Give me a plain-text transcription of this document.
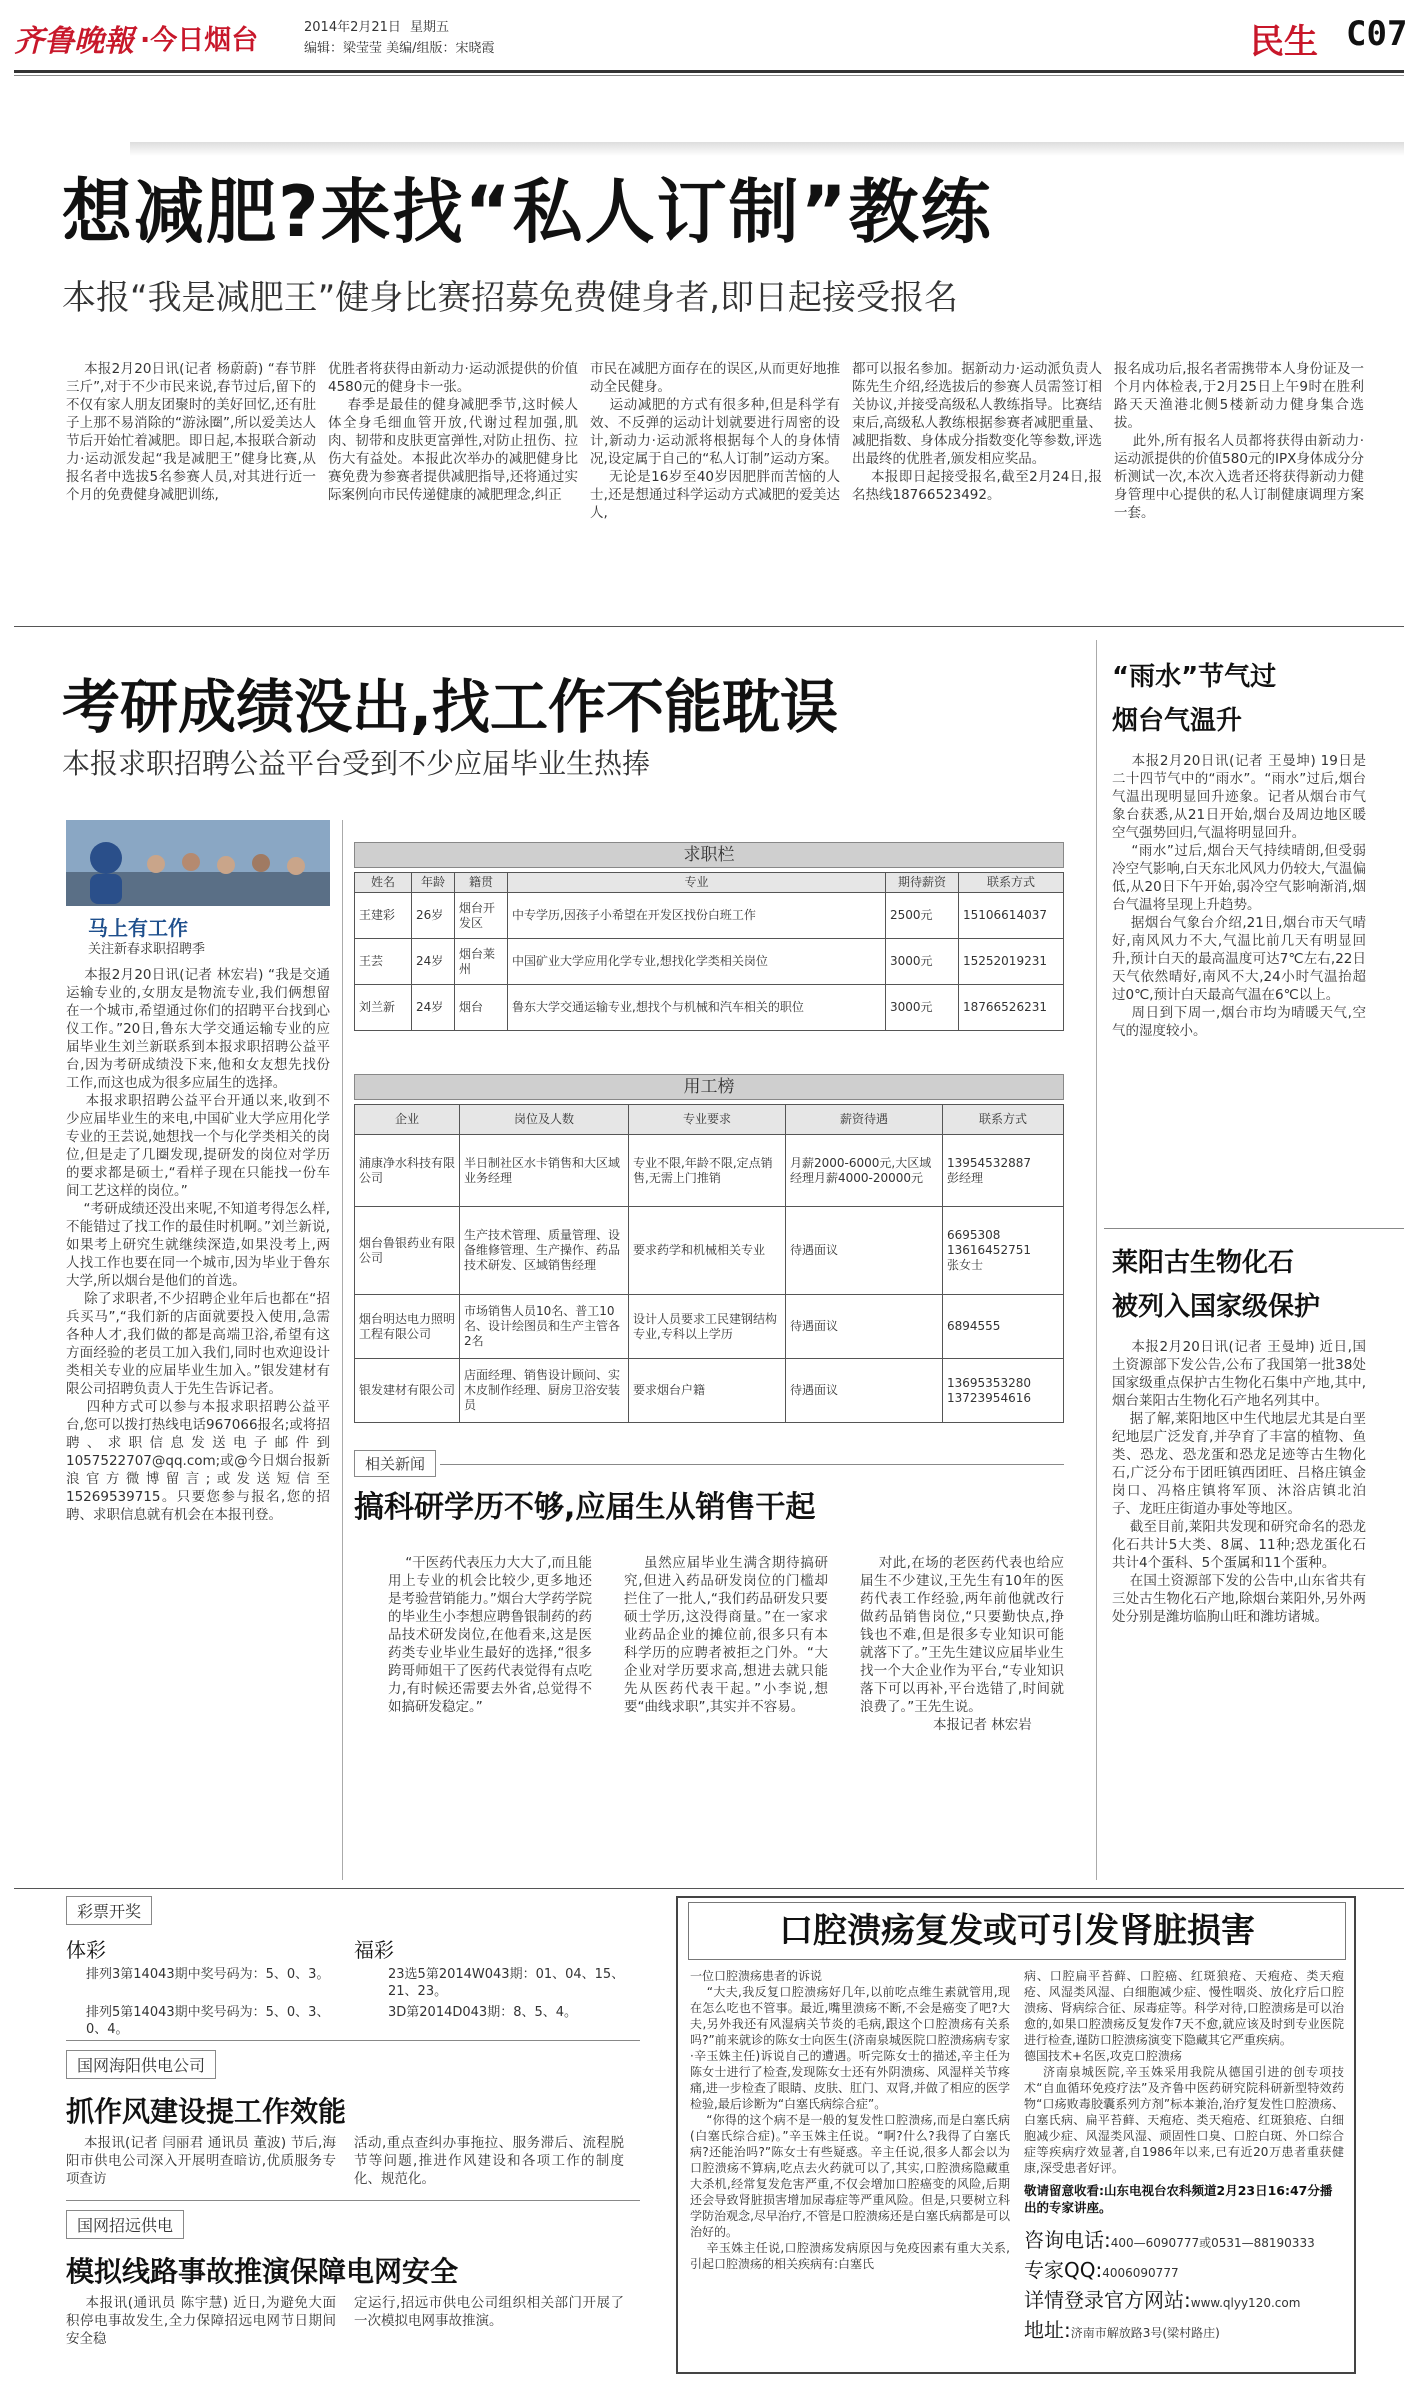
齐鲁晚報 ·今日烟台	2014年2月21日 星期五
编辑：梁莹莹 美编/组版：宋晓霞	民生 C07
想减肥?来找“私人订制”教练
本报“我是减肥王”健身比赛招募免费健身者,即日起接受报名
本报2月20日讯(记者 杨蔚蔚) “春节胖三斤”,对于不少市民来说,春节过后,留下的不仅有家人朋友团聚时的美好回忆,还有肚子上那不易消除的“游泳圈”,所以爱美达人节后开始忙着减肥。即日起,本报联合新动力·运动派发起“我是减肥王”健身比赛,从报名者中选拔5名参赛人员,对其进行近一个月的免费健身减肥训练,
优胜者将获得由新动力·运动派提供的价值4580元的健身卡一张。
春季是最佳的健身减肥季节,这时候人体全身毛细血管开放,代谢过程加强,肌肉、韧带和皮肤更富弹性,对防止扭伤、拉伤大有益处。本报此次举办的减肥健身比赛免费为参赛者提供减肥指导,还将通过实际案例向市民传递健康的减肥理念,纠正
市民在减肥方面存在的误区,从而更好地推动全民健身。
运动减肥的方式有很多种,但是科学有效、不反弹的运动计划就要进行周密的设计,新动力·运动派将根据每个人的身体情况,设定属于自己的“私人订制”运动方案。
无论是16岁至40岁因肥胖而苦恼的人士,还是想通过科学运动方式减肥的爱美达人,
都可以报名参加。据新动力·运动派负责人陈先生介绍,经选拔后的参赛人员需签订相关协议,并接受高级私人教练指导。比赛结束后,高级私人教练根据参赛者减肥重量、减肥指数、身体成分指数变化等参数,评选出最终的优胜者,颁发相应奖品。
本报即日起接受报名,截至2月24日,报名热线18766523492。
报名成功后,报名者需携带本人身份证及一个月内体检表,于2月25日上午9时在胜利路天天渔港北侧5楼新动力健身集合选拔。
此外,所有报名人员都将获得由新动力·运动派提供的价值580元的IPX身体成分分析测试一次,本次入选者还将获得新动力健身管理中心提供的私人订制健康调理方案一套。
考研成绩没出,找工作不能耽误
本报求职招聘公益平台受到不少应届毕业生热捧
马上有工作
关注新春求职招聘季
本报2月20日讯(记者 林宏岩) “我是交通运输专业的,女朋友是物流专业,我们俩想留在一个城市,希望通过你们的招聘平台找到心仪工作。”20日,鲁东大学交通运输专业的应届毕业生刘兰新联系到本报求职招聘公益平台,因为考研成绩没下来,他和女友想先找份工作,而这也成为很多应届生的选择。
本报求职招聘公益平台开通以来,收到不少应届毕业生的来电,中国矿业大学应用化学专业的王芸说,她想找一个与化学类相关的岗位,但是走了几圈发现,提研发的岗位对学历的要求都是硕士,“看样子现在只能找一份车间工艺这样的岗位。”
“考研成绩还没出来呢,不知道考得怎么样,不能错过了找工作的最佳时机啊。”刘兰新说,如果考上研究生就继续深造,如果没考上,两人找工作也要在同一个城市,因为毕业于鲁东大学,所以烟台是他们的首选。
除了求职者,不少招聘企业年后也都在“招兵买马”,“我们新的店面就要投入使用,急需各种人才,我们做的都是高端卫浴,希望有这方面经验的老员工加入我们,同时也欢迎设计类相关专业的应届毕业生加入。”银发建材有限公司招聘负责人于先生告诉记者。
四种方式可以参与本报求职招聘公益平台,您可以拨打热线电话967066报名;或将招聘、求职信息发送电子邮件到1057522707@qq.com;或@今日烟台报新浪官方微博留言;或发送短信至15269539715。只要您参与报名,您的招聘、求职信息就有机会在本报刊登。
求职栏
姓名	年龄	籍贯	专业	期待薪资	联系方式
王建彩	26岁	烟台开发区	中专学历,因孩子小希望在开发区找份白班工作	2500元	15106614037
王芸	24岁	烟台莱州	中国矿业大学应用化学专业,想找化学类相关岗位	3000元	15252019231
刘兰新	24岁	烟台	鲁东大学交通运输专业,想找个与机械和汽车相关的职位	3000元	18766526231
用工榜
企业	岗位及人数	专业要求	薪资待遇	联系方式
浦康净水科技有限公司	半日制社区水卡销售和大区域业务经理	专业不限,年龄不限,定点销售,无需上门推销	月薪2000-6000元,大区域经理月薪4000-20000元	13954532887
彭经理
烟台鲁银药业有限公司	生产技术管理、质量管理、设备维修管理、生产操作、药品技术研发、区域销售经理	要求药学和机械相关专业	待遇面议	6695308
13616452751
张女士
烟台明达电力照明工程有限公司	市场销售人员10名、普工10名、设计绘图员和生产主管各2名	设计人员要求工民建钢结构专业,专科以上学历	待遇面议	6894555
银发建材有限公司	店面经理、销售设计顾问、实木皮制作经理、厨房卫浴安装员	要求烟台户籍	待遇面议	13695353280
13723954616
相关新闻
搞科研学历不够,应届生从销售干起
“干医药代表压力大大了,而且能用上专业的机会比较少,更多地还是考验营销能力。”烟台大学药学院的毕业生小李想应聘鲁银制药的药品技术研发岗位,在他看来,这是医药类专业毕业生最好的选择,“很多跨哥师姐干了医药代表觉得有点吃力,有时候还需要去外省,总觉得不如搞研发稳定。”
虽然应届毕业生满含期待搞研究,但进入药品研发岗位的门槛却拦住了一批人,“我们药品研发只要硕士学历,这没得商量。”在一家求业药品企业的摊位前,很多只有本科学历的应聘者被拒之门外。“大企业对学历要求高,想进去就只能先从医药代表干起。”小李说,想要“曲线求职”,其实并不容易。
对此,在场的老医药代表也给应届生不少建议,王先生有10年的医药代表工作经验,两年前他就改行做药品销售岗位,“只要勤快点,挣钱也不难,但是很多专业知识可能就落下了。”王先生建议应届毕业生找一个大企业作为平台,“专业知识落下可以再补,平台选错了,时间就浪费了。”王先生说。
本报记者 林宏岩
“雨水”节气过
烟台气温升
本报2月20日讯(记者 王曼坤) 19日是二十四节气中的“雨水”。“雨水”过后,烟台气温出现明显回升迹象。记者从烟台市气象台获悉,从21日开始,烟台及周边地区暖空气强势回归,气温将明显回升。
“雨水”过后,烟台天气持续晴朗,但受弱冷空气影响,白天东北风风力仍较大,气温偏低,从20日下午开始,弱冷空气影响渐消,烟台气温将呈现上升趋势。
据烟台气象台介绍,21日,烟台市天气晴好,南风风力不大,气温比前几天有明显回升,预计白天的最高温度可达7℃左右,22日天气依然晴好,南风不大,24小时气温抬超过0℃,预计白天最高气温在6℃以上。
周日到下周一,烟台市均为晴暖天气,空气的湿度较小。
莱阳古生物化石
被列入国家级保护
本报2月20日讯(记者 王曼坤) 近日,国土资源部下发公告,公布了我国第一批38处国家级重点保护古生物化石集中产地,其中,烟台莱阳古生物化石产地名列其中。
据了解,莱阳地区中生代地层尤其是白垩纪地层广泛发育,并孕育了丰富的植物、鱼类、恐龙、恐龙蛋和恐龙足迹等古生物化石,广泛分布于团旺镇西团旺、吕格庄镇金岗口、冯格庄镇将军顶、沐浴店镇北泊子、龙旺庄街道办事处等地区。
截至目前,莱阳共发现和研究命名的恐龙化石共计5大类、8属、11种;恐龙蛋化石共计4个蛋科、5个蛋属和11个蛋种。
在国土资源部下发的公告中,山东省共有三处古生物化石产地,除烟台莱阳外,另外两处分别是潍坊临朐山旺和潍坊诸城。
彩票开奖
体彩
排列3第14043期中奖号码为：5、0、3。
排列5第14043期中奖号码为：5、0、3、0、4。
福彩
23选5第2014W043期：01、04、15、21、23。
3D第2014D043期：8、5、4。
国网海阳供电公司
抓作风建设提工作效能
本报讯(记者 闫丽君 通讯员 董波) 节后,海阳市供电公司深入开展明查暗访,优质服务专项查访
活动,重点查纠办事拖拉、服务滞后、流程脱节等问题,推进作风建设和各项工作的制度化、规范化。
国网招远供电
模拟线路事故推演保障电网安全
本报讯(通讯员 陈宇慧) 近日,为避免大面积停电事故发生,全力保障招远电网节日期间安全稳
定运行,招远市供电公司组织相关部门开展了一次模拟电网事故推演。
口腔溃疡复发或可引发肾脏损害
一位口腔溃疡患者的诉说
“大夫,我反复口腔溃疡好几年,以前吃点维生素就管用,现在怎么吃也不管事。最近,嘴里溃疡不断,不会是癌变了吧?大夫,另外我还有风湿病关节炎的毛病,跟这个口腔溃疡有关系吗?”前来就诊的陈女士向医生(济南泉城医院口腔溃疡病专家·辛玉姝主任)诉说自己的遭遇。听完陈女士的描述,辛主任为陈女士进行了检查,发现陈女士还有外阴溃疡、风湿样关节疼痛,进一步检查了眼睛、皮肤、肛门、双肾,并做了相应的医学检验,最后诊断为“白塞氏病综合症”。
“你得的这个病不是一般的复发性口腔溃疡,而是白塞氏病(白塞氏综合症)。”辛玉姝主任说。“啊?什么?我得了白塞氏病?还能治吗?”陈女士有些疑惑。辛主任说,很多人都会以为口腔溃疡不算病,吃点去火药就可以了,其实,口腔溃疡隐藏重大杀机,经常复发危害严重,不仅会增加口腔癌变的风险,后期还会导致肾脏损害增加尿毒症等严重风险。但是,只要树立科学防治观念,尽早治疗,不管是口腔溃疡还是白塞氏病都是可以治好的。
辛玉姝主任说,口腔溃疡发病原因与免疫因素有重大关系,引起口腔溃疡的相关疾病有:白塞氏
病、口腔扁平苔藓、口腔癌、红斑狼疮、天疱疮、类天疱疮、风湿类风湿、白细胞减少症、慢性咽炎、放化疗后口腔溃疡、肾病综合征、尿毒症等。科学对待,口腔溃疡是可以治愈的,如果口腔溃疡反复发作7天不愈,就应该及时到专业医院进行检查,谨防口腔溃疡演变下隐藏其它严重疾病。
德国技术+名医,攻克口腔溃疡
济南泉城医院,辛玉姝采用我院从德国引进的创专项技术“自血循环免疫疗法”及齐鲁中医药研究院科研新型特效药物“口疡败毒胶囊系列方剂”标本兼治,治疗复发性口腔溃疡、白塞氏病、扁平苔藓、天疱疮、类天疱疮、红斑狼疮、白细胞减少症、风湿类风湿、顽固性口臭、口腔白斑、外口综合症等疾病疗效显著,自1986年以来,已有近20万患者重获健康,深受患者好评。
敬请留意收看:山东电视台农科频道2月23日16:47分播出的专家讲座。
咨询电话:400—6090777或0531—88190333
专家QQ:4006090777
详情登录官方网站:www.qlyy120.com
地址:济南市解放路3号(梁村路庄)
